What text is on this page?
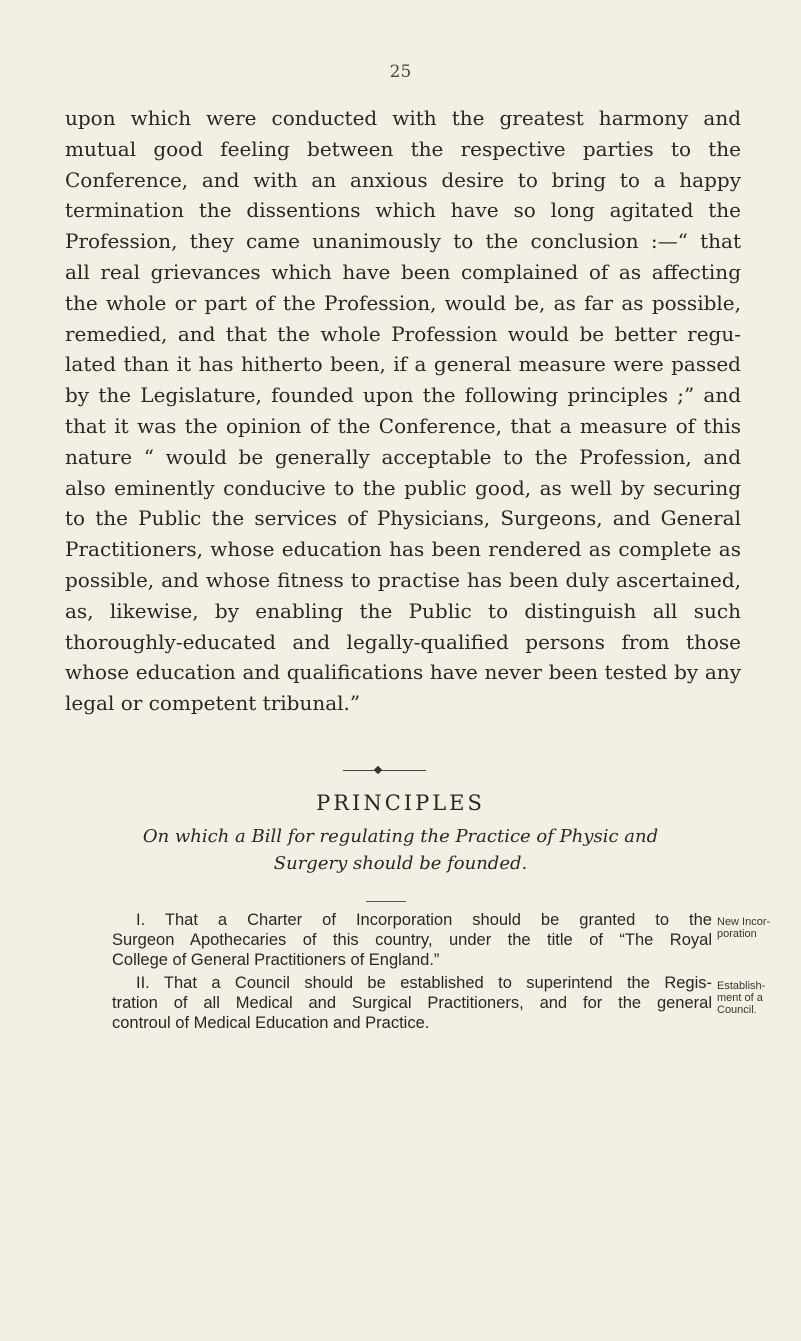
25
upon which were conducted with the greatest harmony and
mutual good feeling between the respective parties to the
Conference, and with an anxious desire to bring to a happy
termination the dissentions which have so long agitated the
Profession, they came unanimously to the conclusion :—“ that
all real grievances which have been complained of as affecting
the whole or part of the Profession, would be, as far as possible,
remedied, and that the whole Profession would be better regu-
lated than it has hitherto been, if a general measure were passed
by the Legislature, founded upon the following principles ;” and
that it was the opinion of the Conference, that a measure of this
nature “ would be generally acceptable to the Profession, and
also eminently conducive to the public good, as well by securing
to the Public the services of Physicians, Surgeons, and General
Practitioners, whose education has been rendered as complete as
possible, and whose fitness to practise has been duly ascertained,
as, likewise, by enabling the Public to distinguish all such
thoroughly-educated and legally-qualified persons from those
whose education and qualifications have never been tested by any
legal or competent tribunal.”
PRINCIPLES
On which a Bill for regulating the Practice of Physic and
Surgery should be founded.
I. That a Charter of Incorporation should be granted to the
Surgeon Apothecaries of this country, under the title of “The Royal
College of General Practitioners of England.”
II. That a Council should be established to superintend the Regis-
tration of all Medical and Surgical Practitioners, and for the general
controul of Medical Education and Practice.
New Incor-
poration
Establish-
ment of a
Council.
